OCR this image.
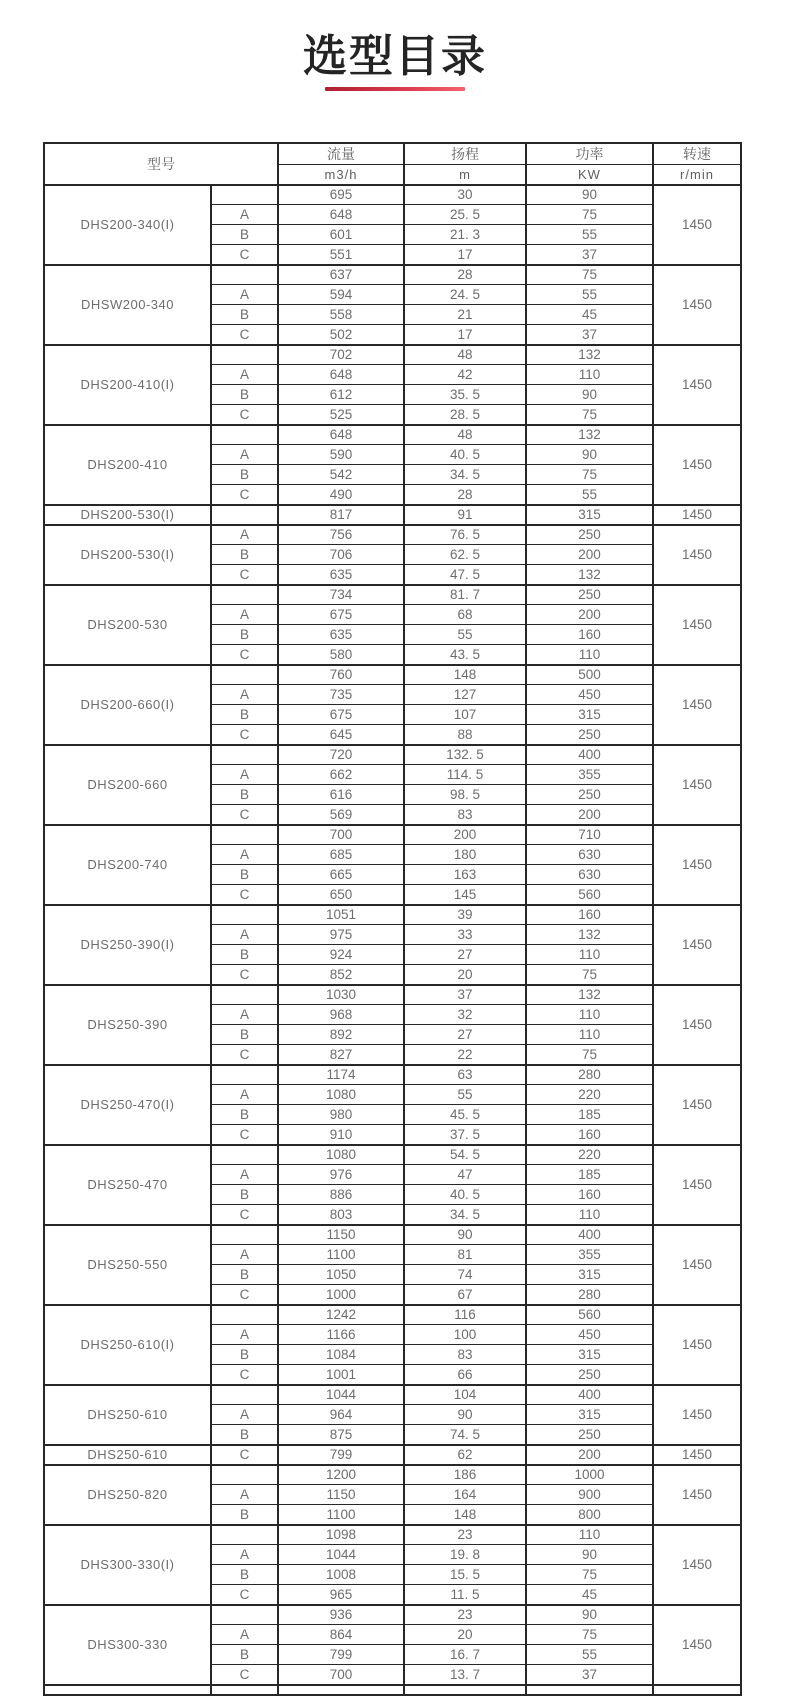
选型目录
型号		流量	扬程	功率	转速
		m3/h	m	KW	r/min
DHS200-340(I)		695	30	90	1450
	A	648	25. 5	75	
	B	601	21. 3	55	
	C	551	17	37	
DHSW200-340		637	28	75	1450
	A	594	24. 5	55	
	B	558	21	45	
	C	502	17	37	
DHS200-410(I)		702	48	132	1450
	A	648	42	110	
	B	612	35. 5	90	
	C	525	28. 5	75	
DHS200-410		648	48	132	1450
	A	590	40. 5	90	
	B	542	34. 5	75	
	C	490	28	55	
DHS200-530(I)		817	91	315	1450
DHS200-530(I)	A	756	76. 5	250	1450
	B	706	62. 5	200	
	C	635	47. 5	132	
DHS200-530		734	81. 7	250	1450
	A	675	68	200	
	B	635	55	160	
	C	580	43. 5	110	
DHS200-660(I)		760	148	500	1450
	A	735	127	450	
	B	675	107	315	
	C	645	88	250	
DHS200-660		720	132. 5	400	1450
	A	662	114. 5	355	
	B	616	98. 5	250	
	C	569	83	200	
DHS200-740		700	200	710	1450
	A	685	180	630	
	B	665	163	630	
	C	650	145	560	
DHS250-390(I)		1051	39	160	1450
	A	975	33	132	
	B	924	27	110	
	C	852	20	75	
DHS250-390		1030	37	132	1450
	A	968	32	110	
	B	892	27	110	
	C	827	22	75	
DHS250-470(I)		1174	63	280	1450
	A	1080	55	220	
	B	980	45. 5	185	
	C	910	37. 5	160	
DHS250-470		1080	54. 5	220	1450
	A	976	47	185	
	B	886	40. 5	160	
	C	803	34. 5	110	
DHS250-550		1150	90	400	1450
	A	1100	81	355	
	B	1050	74	315	
	C	1000	67	280	
DHS250-610(I)		1242	116	560	1450
	A	1166	100	450	
	B	1084	83	315	
	C	1001	66	250	
DHS250-610		1044	104	400	1450
	A	964	90	315	
	B	875	74. 5	250	
DHS250-610	C	799	62	200	1450
DHS250-820		1200	186	1000	1450
	A	1150	164	900	
	B	1100	148	800	
DHS300-330(I)		1098	23	110	1450
	A	1044	19. 8	90	
	B	1008	15. 5	75	
	C	965	11. 5	45	
DHS300-330		936	23	90	1450
	A	864	20	75	
	B	799	16. 7	55	
	C	700	13. 7	37	
